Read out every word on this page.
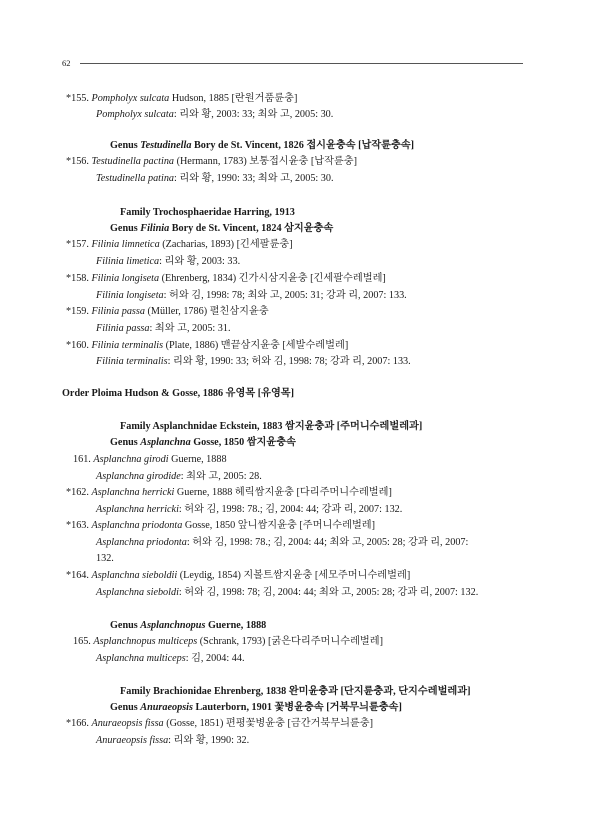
62
*155. Pompholyx sulcata Hudson, 1885 [란원거품륜충]
Pompholyx sulcata: 리와 황, 2003: 33; 최와 고, 2005: 30.
Genus Testudinella Bory de St. Vincent, 1826 접시윤충속 [납작륜충속]
*156. Testudinella pactina (Hermann, 1783) 보통접시윤충 [납작륜충]
Testudinella patina: 리와 황, 1990: 33; 최와 고, 2005: 30.
Family Trochosphaeridae Harring, 1913
Genus Filinia Bory de St. Vincent, 1824 삼지윤충속
*157. Filinia limnetica (Zacharias, 1893) [긴세팔륜충]
Filinia limetica: 리와 황, 2003: 33.
*158. Filinia longiseta (Ehrenberg, 1834) 긴가시삼지윤충 [긴세팔수레벌레]
Filinia longiseta: 허와 김, 1998: 78; 최와 고, 2005: 31; 강과 리, 2007: 133.
*159. Filinia passa (Müller, 1786) 펼친삼지윤충
Filinia passa: 최와 고, 2005: 31.
*160. Filinia terminalis (Plate, 1886) 맨끝삼지윤충 [세발수레벌레]
Filinia terminalis: 리와 황, 1990: 33; 허와 김, 1998: 78; 강과 리, 2007: 133.
Order Ploima Hudson & Gosse, 1886 유영목 [유영목]
Family Asplanchnidae Eckstein, 1883 쌈지윤충과 [주머니수레벌레과]
Genus Asplanchna Gosse, 1850 쌈지윤충속
161. Asplanchna girodi Guerne, 1888
Asplanchna girodide: 최와 고, 2005: 28.
*162. Asplanchna herricki Guerne, 1888 헤릭쌈지윤충 [다리주머니수레벌레]
Asplanchna herricki: 허와 김, 1998: 78.; 김, 2004: 44; 강과 리, 2007: 132.
*163. Asplanchna priodonta Gosse, 1850 앞니쌈지윤충 [주머니수레벌레]
Asplanchna priodonta: 허와 김, 1998: 78.; 김, 2004: 44; 최와 고, 2005: 28; 강과 리, 2007:
132.
*164. Asplanchna sieboldii (Leydig, 1854) 지볼트쌈지윤충 [세모주머니수레벌레]
Asplanchna sieboldi: 허와 김, 1998: 78; 김, 2004: 44; 최와 고, 2005: 28; 강과 리, 2007: 132.
Genus Asplanchnopus Guerne, 1888
165. Asplanchnopus multiceps (Schrank, 1793) [굵은다리주머니수레벌레]
Asplanchna multiceps: 김, 2004: 44.
Family Brachionidae Ehrenberg, 1838 완미윤충과 [단지륜충과, 단지수레벌레과]
Genus Anuraeopsis Lauterborn, 1901 꽃병윤충속 [거북무늬륜충속]
*166. Anuraeopsis fissa (Gosse, 1851) 편평꽃병윤충 [금간거북무늬륜충]
Anuraeopsis fissa: 리와 황, 1990: 32.
